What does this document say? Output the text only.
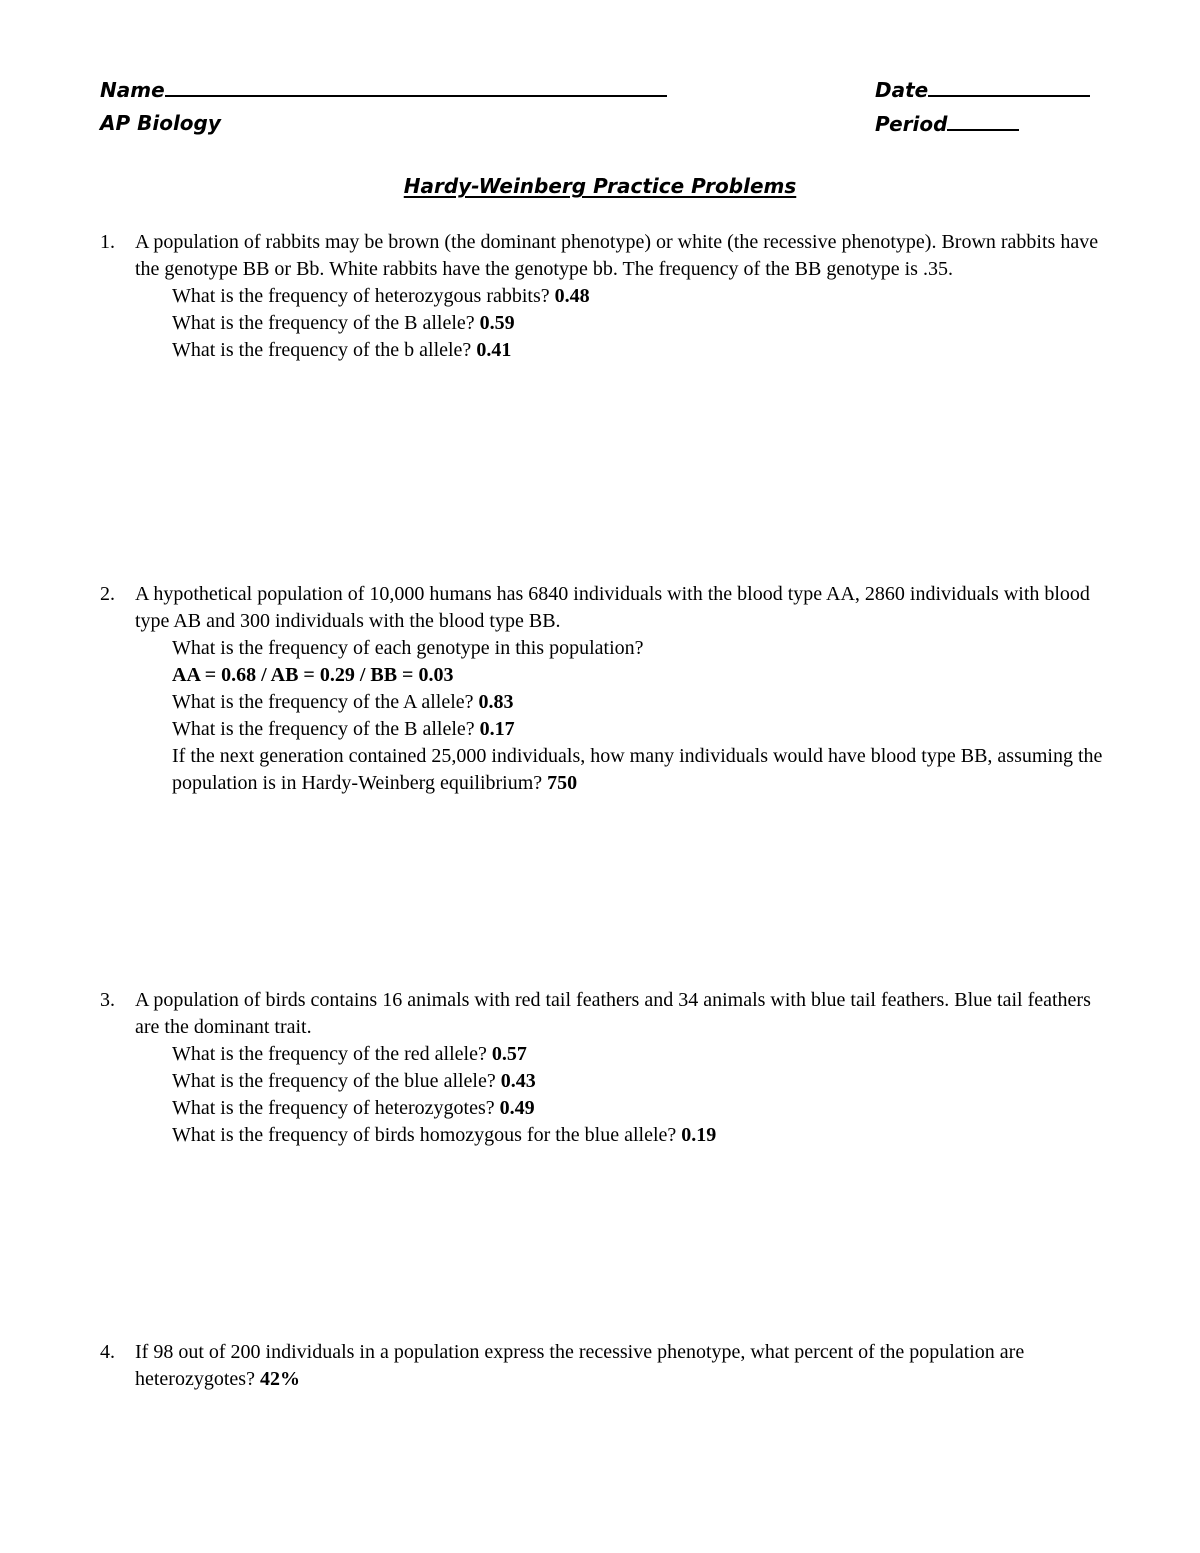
Name
AP Biology
Date
Period
Hardy-Weinberg Practice Problems
1. A population of rabbits may be brown (the dominant phenotype) or white (the recessive phenotype). Brown rabbits have the genotype BB or Bb. White rabbits have the genotype bb. The frequency of the BB genotype is .35.
What is the frequency of heterozygous rabbits? 0.48
What is the frequency of the B allele? 0.59
What is the frequency of the b allele? 0.41
2. A hypothetical population of 10,000 humans has 6840 individuals with the blood type AA, 2860 individuals with blood type AB and 300 individuals with the blood type BB.
What is the frequency of each genotype in this population?
AA = 0.68 / AB = 0.29 / BB = 0.03
What is the frequency of the A allele? 0.83
What is the frequency of the B allele? 0.17
If the next generation contained 25,000 individuals, how many individuals would have blood type BB, assuming the population is in Hardy-Weinberg equilibrium? 750
3. A population of birds contains 16 animals with red tail feathers and 34 animals with blue tail feathers. Blue tail feathers are the dominant trait.
What is the frequency of the red allele? 0.57
What is the frequency of the blue allele? 0.43
What is the frequency of heterozygotes? 0.49
What is the frequency of birds homozygous for the blue allele? 0.19
4. If 98 out of 200 individuals in a population express the recessive phenotype, what percent of the population are heterozygotes? 42%
